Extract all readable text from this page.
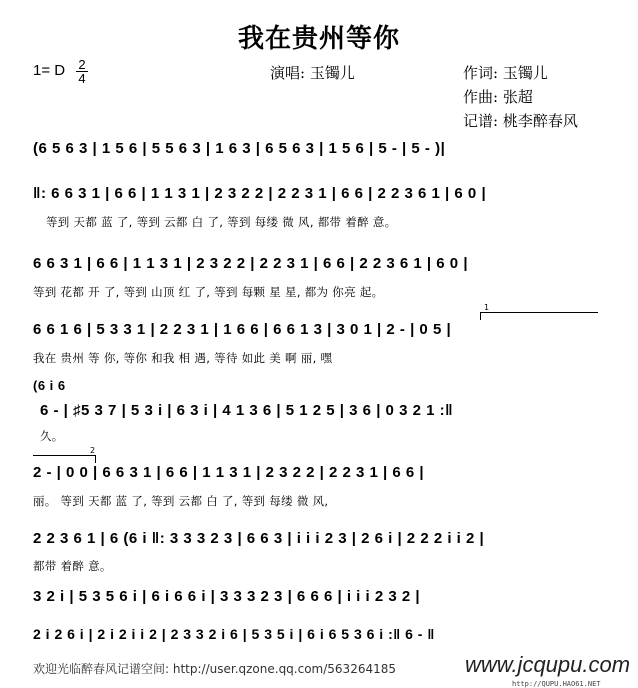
我在贵州等你
1= D 2
4	演唱: 玉镯儿	作词: 玉镯儿
作曲: 张超
记谱: 桃李醉春风
(6 5 6 3 | 1 5 6 | 5 5 6 3 | 1 6 3 | 6 5 6 3 | 1 5 6 | 5 - | 5 - )|
‖: 6 6 3 1 | 6 6 | 1 1 3 1 | 2 3 2 2 | 2 2 3 1 | 6 6 | 2 2 3 6 1 | 6 0 |
等到 天都 蓝 了, 等到 云都 白 了, 等到 每缕 微 风, 都带 着醉 意。
6 6 3 1 | 6 6 | 1 1 3 1 | 2 3 2 2 | 2 2 3 1 | 6 6 | 2 2 3 6 1 | 6 0 |
等到 花都 开 了, 等到 山顶 红 了, 等到 每颗 星 星, 都为 你亮 起。
1
6 6 1 6 | 5 3 3 1 | 2 2 3 1 | 1 6 6 | 6 6 1 3 | 3 0 1 | 2 - | 0 5 |
我在 贵州 等 你, 等你 和我 相 遇, 等待 如此 美 啊 丽, 嘿
(6 i 6
6 - | ♯5 3 7 | 5 3 i | 6 3 i | 4 1 3 6 | 5 1 2 5 | 3 6 | 0 3 2 1 :‖
久。
2
2 - | 0 0 | 6 6 3 1 | 6 6 | 1 1 3 1 | 2 3 2 2 | 2 2 3 1 | 6 6 |
丽。 等到 天都 蓝 了, 等到 云都 白 了, 等到 每缕 微 风,
2 2 3 6 1 | 6 (6 i ‖: 3 3 3 2 3 | 6 6 3 | i i i 2 3 | 2 6 i | 2 2 2 i i 2 |
都带 着醉 意。
3 2 i | 5 3 5 6 i | 6 i 6 6 i | 3 3 3 2 3 | 6 6 6 | i i i 2 3 2 |
2 i 2 6 i | 2 i 2 i i 2 | 2 3 3 2 i 6 | 5 3 5 i | 6 i 6 5 3 6 i :‖ 6 - ‖
欢迎光临醉春风记谱空间: http://user.qzone.qq.com/563264185	www.jcqupu.com
http://QUPU.HAO61.NET
